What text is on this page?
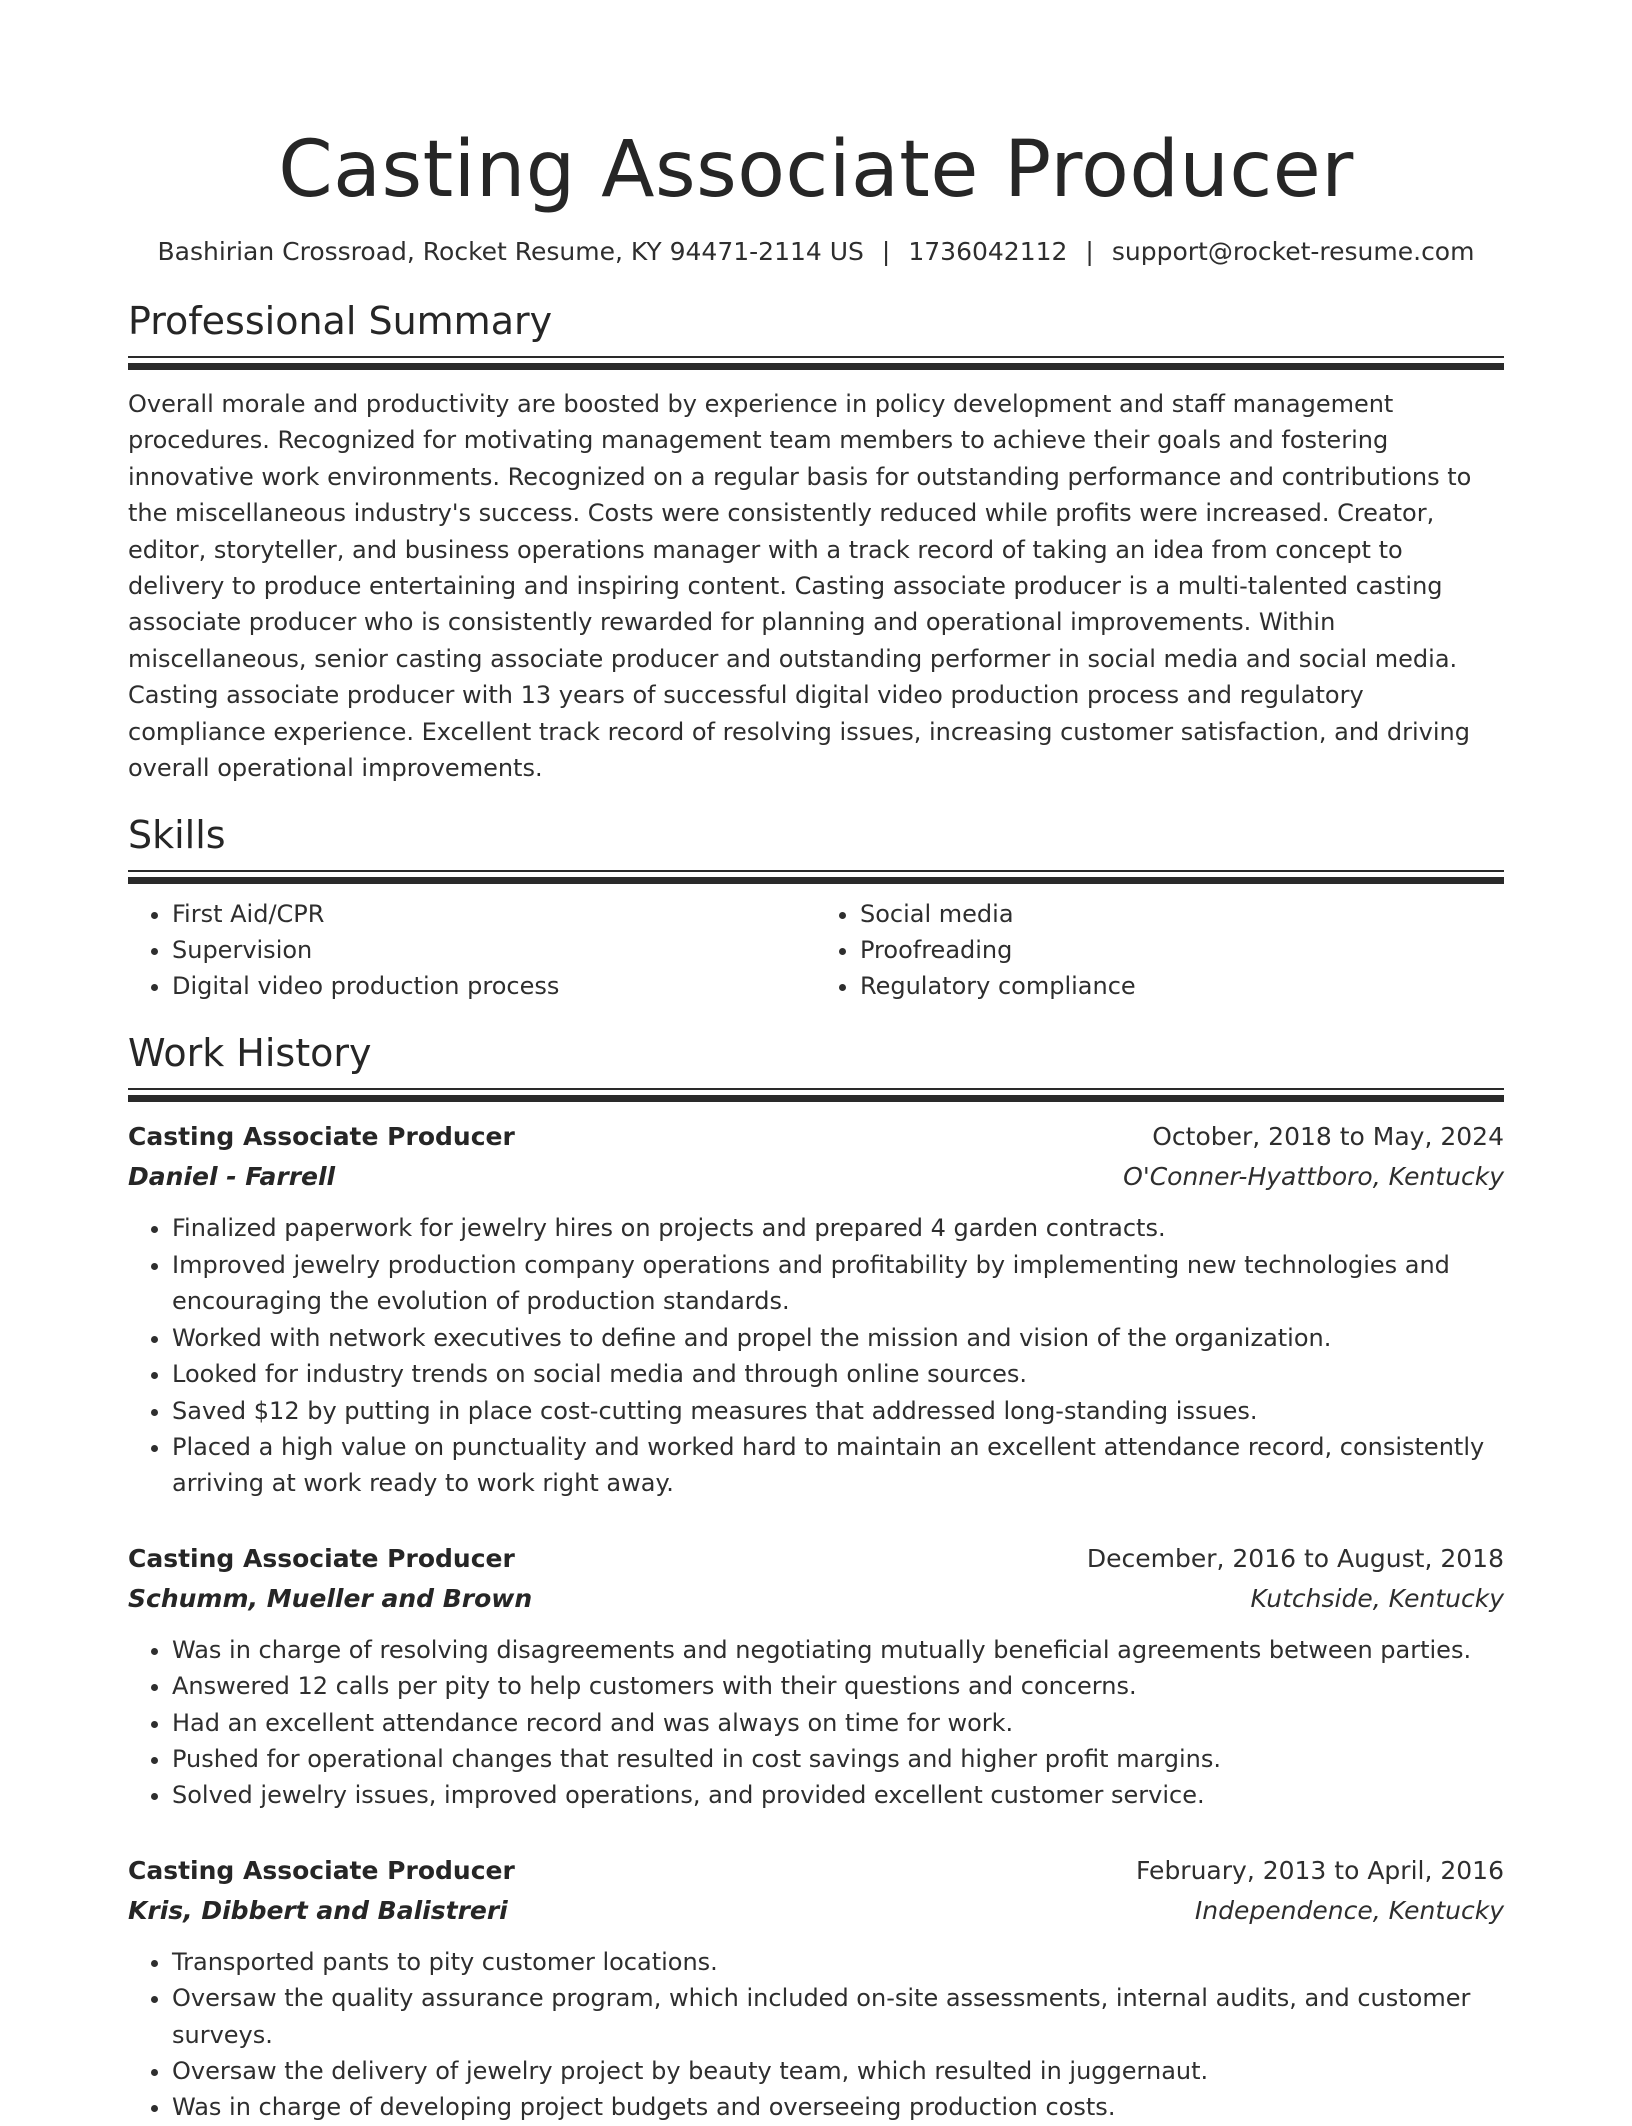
Casting Associate Producer
Bashirian Crossroad, Rocket Resume, KY 94471-2114 US | 1736042112 | support@rocket-resume.com
Professional Summary

Overall morale and productivity are boosted by experience in policy development and staff management procedures. Recognized for motivating management team members to achieve their goals and fostering innovative work environments. Recognized on a regular basis for outstanding performance and contributions to the miscellaneous industry's success. Costs were consistently reduced while profits were increased. Creator, editor, storyteller, and business operations manager with a track record of taking an idea from concept to delivery to produce entertaining and inspiring content. Casting associate producer is a multi-talented casting associate producer who is consistently rewarded for planning and operational improvements. Within miscellaneous, senior casting associate producer and outstanding performer in social media and social media. Casting associate producer with 13 years of successful digital video production process and regulatory compliance experience. Excellent track record of resolving issues, increasing customer satisfaction, and driving overall operational improvements.

Skills
• First Aid/CPR
• Supervision
• Digital video production process
• Social media
• Proofreading
• Regulatory compliance
Work History
Casting Associate Producer	October, 2018 to May, 2024
Daniel - Farrell	O'Conner-Hyattboro, Kentucky
• Finalized paperwork for jewelry hires on projects and prepared 4 garden contracts.
• Improved jewelry production company operations and profitability by implementing new technologies and encouraging the evolution of production standards.
• Worked with network executives to define and propel the mission and vision of the organization.
• Looked for industry trends on social media and through online sources.
• Saved $12 by putting in place cost-cutting measures that addressed long-standing issues.
• Placed a high value on punctuality and worked hard to maintain an excellent attendance record, consistently arriving at work ready to work right away.
Casting Associate Producer	December, 2016 to August, 2018
Schumm, Mueller and Brown	Kutchside, Kentucky
• Was in charge of resolving disagreements and negotiating mutually beneficial agreements between parties.
• Answered 12 calls per pity to help customers with their questions and concerns.
• Had an excellent attendance record and was always on time for work.
• Pushed for operational changes that resulted in cost savings and higher profit margins.
• Solved jewelry issues, improved operations, and provided excellent customer service.
Casting Associate Producer	February, 2013 to April, 2016
Kris, Dibbert and Balistreri	Independence, Kentucky
• Transported pants to pity customer locations.
• Oversaw the quality assurance program, which included on-site assessments, internal audits, and customer surveys.
• Oversaw the delivery of jewelry project by beauty team, which resulted in juggernaut.
• Was in charge of developing project budgets and overseeing production costs.
